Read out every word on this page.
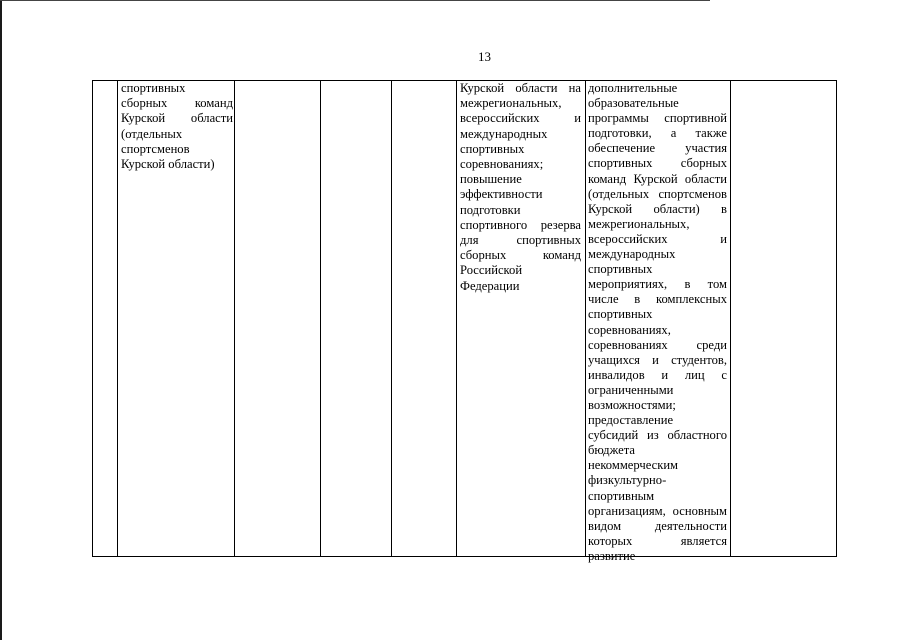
13

спортивных

сборных команд

Курской области

(отдельных

спортсменов

Курской области)

Курской области на

межрегиональных,

всероссийских и

международных

спортивных

соревнованиях;

повышение

эффективности

подготовки

спортивного резерва

для спортивных

сборных команд

Российской

Федерации

дополнительные

образовательные

программы спортивной

подготовки, а также

обеспечение участия

спортивных сборных

команд Курской области

(отдельных спортсменов

Курской области) в

межрегиональных,

всероссийских и

международных

спортивных

мероприятиях, в том

числе в комплексных

спортивных

соревнованиях,

соревнованиях среди

учащихся и студентов,

инвалидов и лиц с

ограниченными

возможностями;

предоставление

субсидий из областного

бюджета

некоммерческим

физкультурно-

спортивным

организациям, основным

видом деятельности

которых является

развитие
